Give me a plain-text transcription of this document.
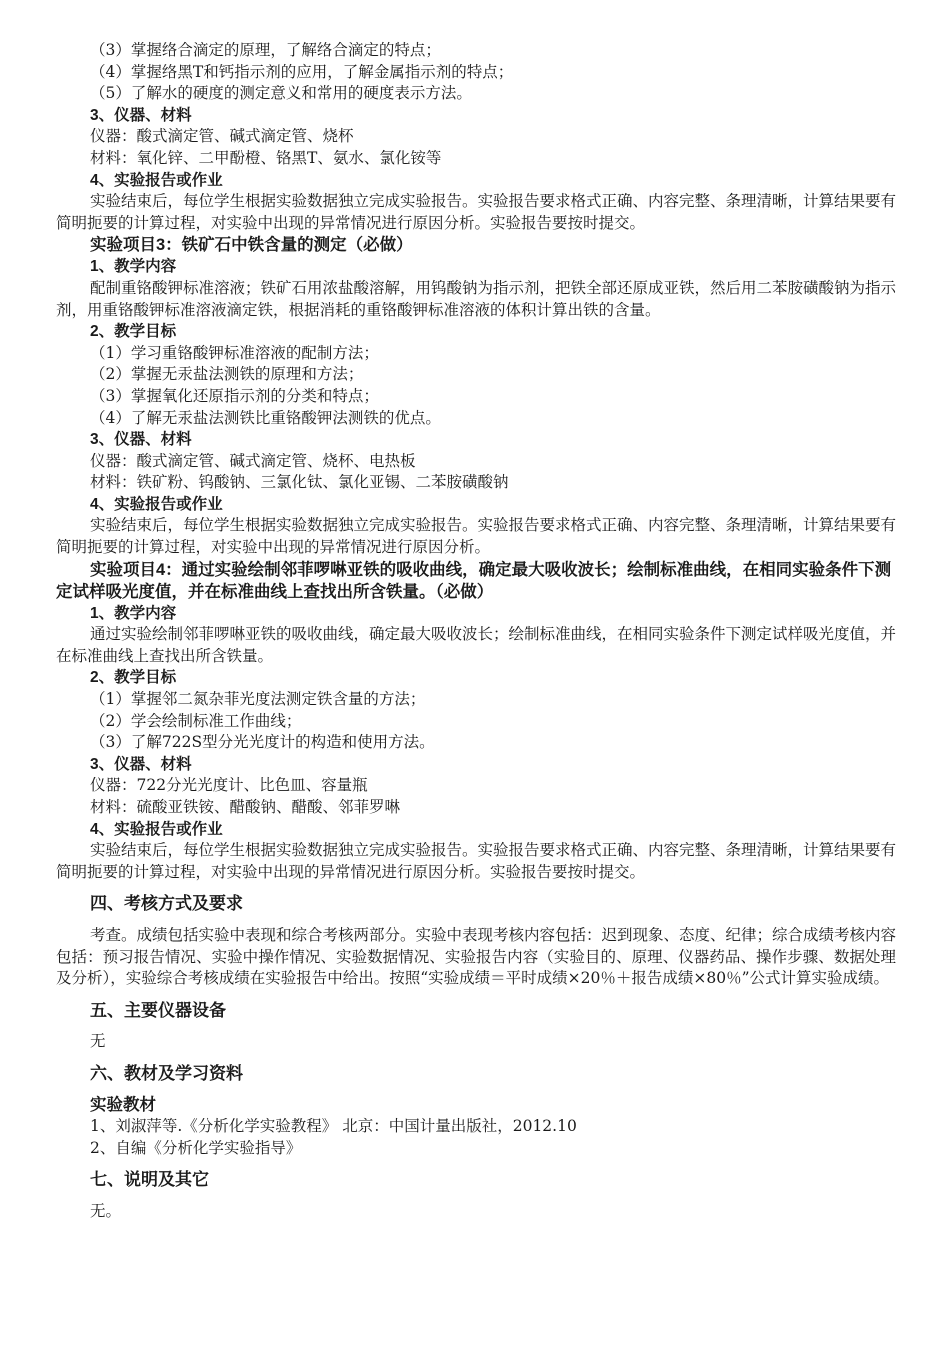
（3）掌握络合滴定的原理，了解络合滴定的特点；
（4）掌握络黑T和钙指示剂的应用，了解金属指示剂的特点；
（5）了解水的硬度的测定意义和常用的硬度表示方法。
3、仪器、材料
仪器：酸式滴定管、碱式滴定管、烧杯
材料：氧化锌、二甲酚橙、铬黑T、氨水、氯化铵等
4、实验报告或作业
实验结束后，每位学生根据实验数据独立完成实验报告。实验报告要求格式正确、内容完整、条理清晰，计算结果要有简明扼要的计算过程，对实验中出现的异常情况进行原因分析。实验报告要按时提交。
实验项目3：铁矿石中铁含量的测定（必做）
1、教学内容
配制重铬酸钾标准溶液；铁矿石用浓盐酸溶解，用钨酸钠为指示剂，把铁全部还原成亚铁，然后用二苯胺磺酸钠为指示剂，用重铬酸钾标准溶液滴定铁，根据消耗的重铬酸钾标准溶液的体积计算出铁的含量。
2、教学目标
（1）学习重铬酸钾标准溶液的配制方法；
（2）掌握无汞盐法测铁的原理和方法；
（3）掌握氧化还原指示剂的分类和特点；
（4）了解无汞盐法测铁比重铬酸钾法测铁的优点。
3、仪器、材料
仪器：酸式滴定管、碱式滴定管、烧杯、电热板
材料：铁矿粉、钨酸钠、三氯化钛、氯化亚锡、二苯胺磺酸钠
4、实验报告或作业
实验结束后，每位学生根据实验数据独立完成实验报告。实验报告要求格式正确、内容完整、条理清晰，计算结果要有简明扼要的计算过程，对实验中出现的异常情况进行原因分析。
实验项目4：通过实验绘制邻菲啰啉亚铁的吸收曲线，确定最大吸收波长；绘制标准曲线，在相同实验条件下测定试样吸光度值，并在标准曲线上查找出所含铁量。（必做）
1、教学内容
通过实验绘制邻菲啰啉亚铁的吸收曲线，确定最大吸收波长；绘制标准曲线，在相同实验条件下测定试样吸光度值，并在标准曲线上查找出所含铁量。
2、教学目标
（1）掌握邻二氮杂菲光度法测定铁含量的方法；
（2）学会绘制标准工作曲线；
（3）了解722S型分光光度计的构造和使用方法。
3、仪器、材料
仪器：722分光光度计、比色皿、容量瓶
材料：硫酸亚铁铵、醋酸钠、醋酸、邻菲罗啉
4、实验报告或作业
实验结束后，每位学生根据实验数据独立完成实验报告。实验报告要求格式正确、内容完整、条理清晰，计算结果要有简明扼要的计算过程，对实验中出现的异常情况进行原因分析。实验报告要按时提交。
四、考核方式及要求
考查。成绩包括实验中表现和综合考核两部分。实验中表现考核内容包括：迟到现象、态度、纪律；综合成绩考核内容包括：预习报告情况、实验中操作情况、实验数据情况、实验报告内容（实验目的、原理、仪器药品、操作步骤、数据处理及分析），实验综合考核成绩在实验报告中给出。按照“实验成绩＝平时成绩×20％＋报告成绩×80％”公式计算实验成绩。
五、主要仪器设备
无
六、教材及学习资料
实验教材
1、刘淑萍等.《分析化学实验教程》 北京：中国计量出版社，2012.10
2、自编《分析化学实验指导》
七、说明及其它
无。
